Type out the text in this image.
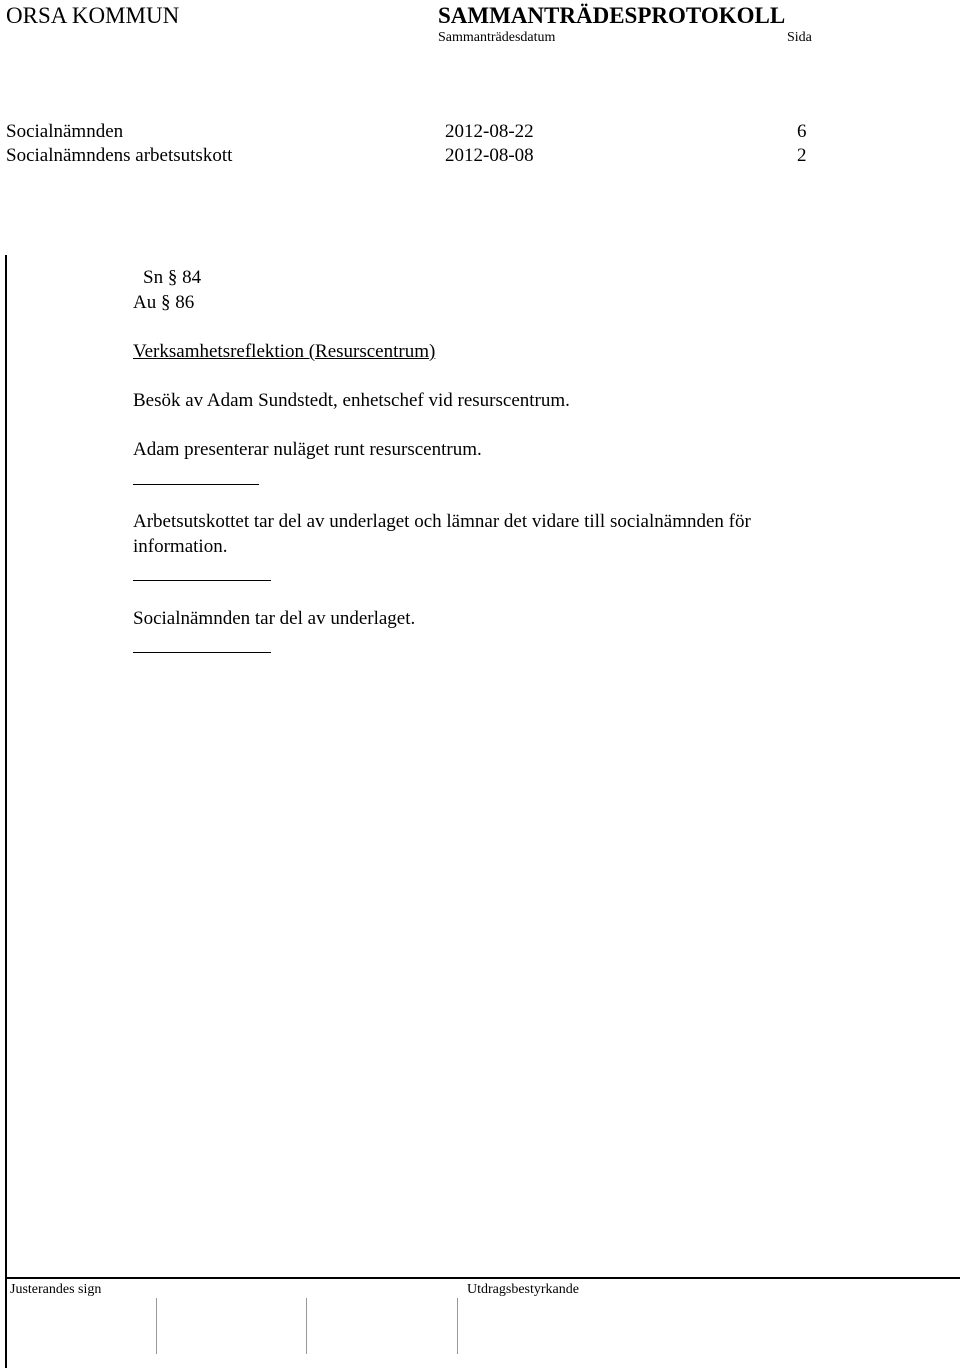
ORSA KOMMUN	SAMMANTRÄDESPROTOKOLL
Sammanträdesdatum	Sida
Socialnämnden	2012-08-22	6
Socialnämndens arbetsutskott	2012-08-08	2
Sn § 84
Au § 86
Verksamhetsreflektion (Resurscentrum)
Besök av Adam Sundstedt, enhetschef vid resurscentrum.
Adam presenterar nuläget runt resurscentrum.
Arbetsutskottet tar del av underlaget och lämnar det vidare till socialnämnden för
information.
Socialnämnden tar del av underlaget.
Justerandes sign	Utdragsbestyrkande
